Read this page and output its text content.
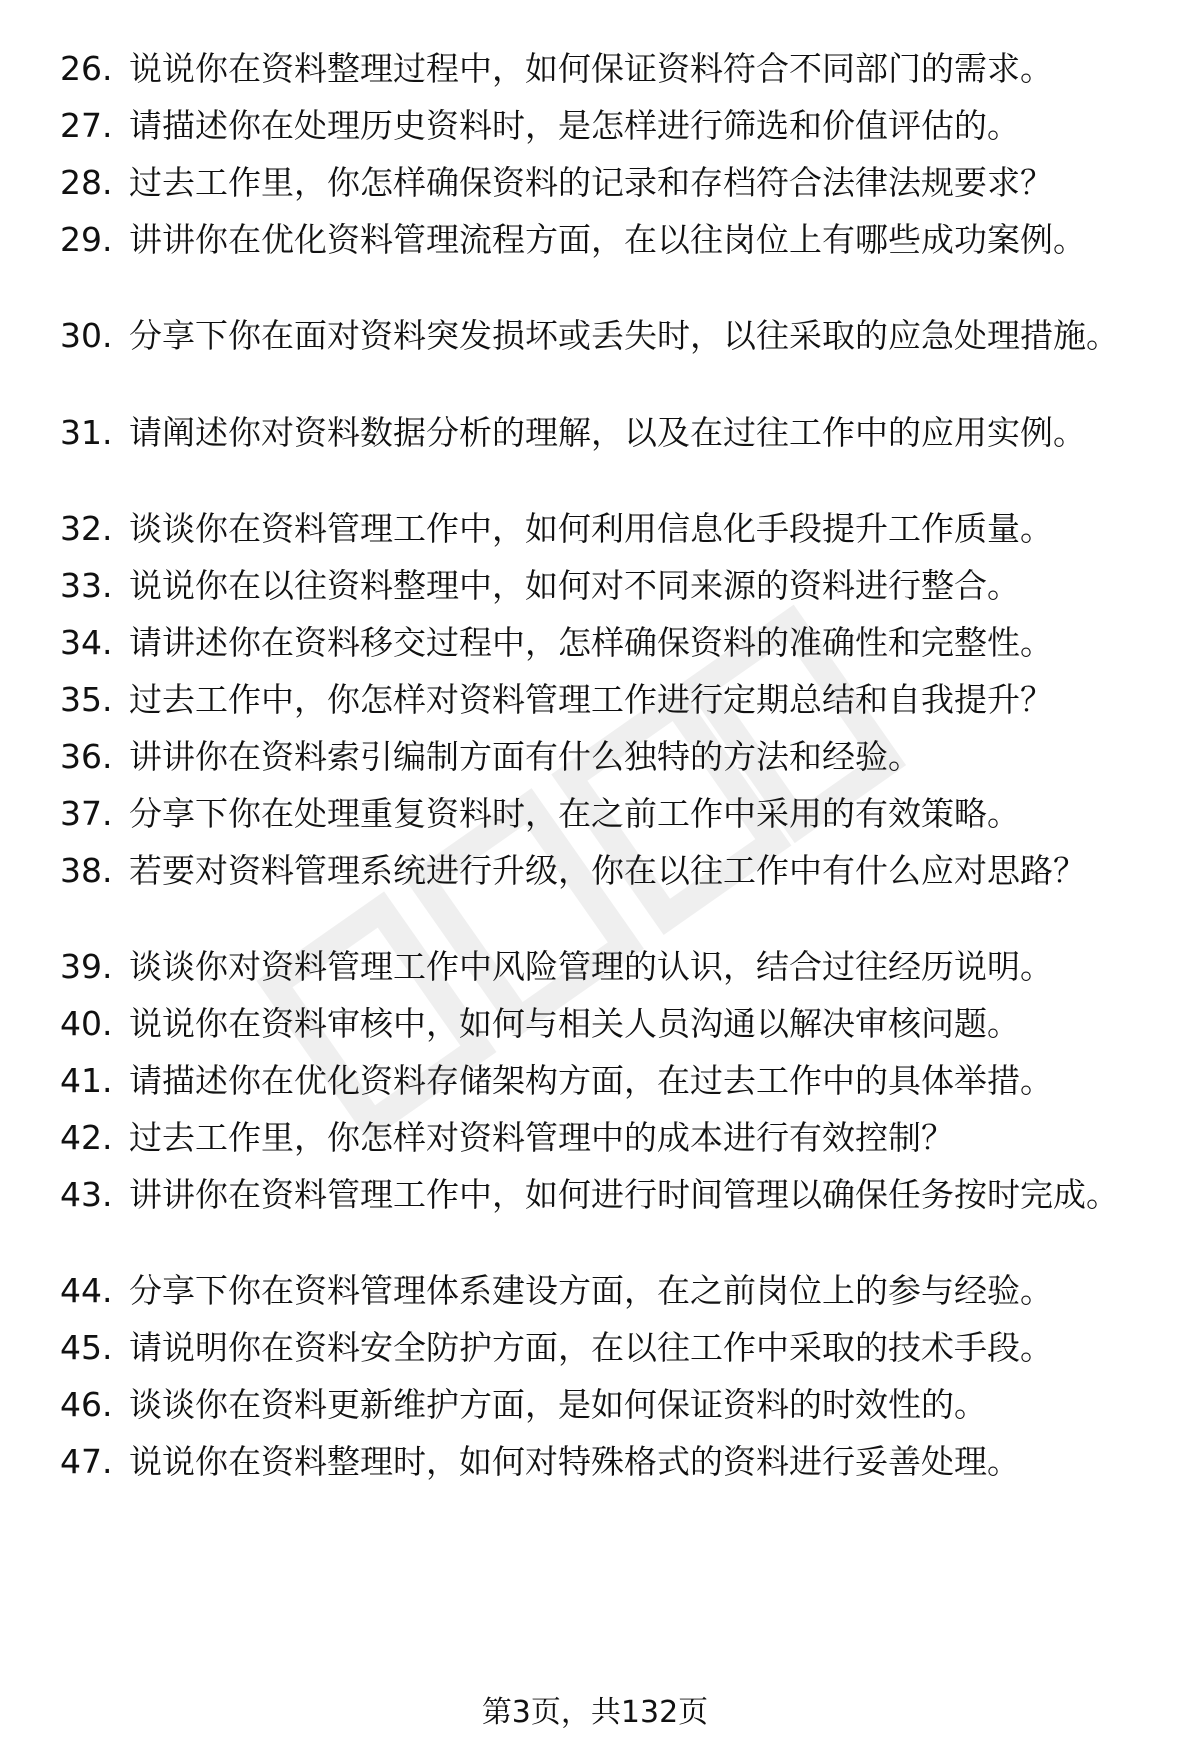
26. 说说你在资料整理过程中，如何保证资料符合不同部门的需求。
27. 请描述你在处理历史资料时，是怎样进行筛选和价值评估的。
28. 过去工作里，你怎样确保资料的记录和存档符合法律法规要求？
29. 讲讲你在优化资料管理流程方面，在以往岗位上有哪些成功案例。
30. 分享下你在面对资料突发损坏或丢失时，以往采取的应急处理措施。
31. 请阐述你对资料数据分析的理解，以及在过往工作中的应用实例。
32. 谈谈你在资料管理工作中，如何利用信息化手段提升工作质量。
33. 说说你在以往资料整理中，如何对不同来源的资料进行整合。
34. 请讲述你在资料移交过程中，怎样确保资料的准确性和完整性。
35. 过去工作中，你怎样对资料管理工作进行定期总结和自我提升？
36. 讲讲你在资料索引编制方面有什么独特的方法和经验。
37. 分享下你在处理重复资料时，在之前工作中采用的有效策略。
38. 若要对资料管理系统进行升级，你在以往工作中有什么应对思路？
39. 谈谈你对资料管理工作中风险管理的认识，结合过往经历说明。
40. 说说你在资料审核中，如何与相关人员沟通以解决审核问题。
41. 请描述你在优化资料存储架构方面，在过去工作中的具体举措。
42. 过去工作里，你怎样对资料管理中的成本进行有效控制？
43. 讲讲你在资料管理工作中，如何进行时间管理以确保任务按时完成。
44. 分享下你在资料管理体系建设方面，在之前岗位上的参与经验。
45. 请说明你在资料安全防护方面，在以往工作中采取的技术手段。
46. 谈谈你在资料更新维护方面，是如何保证资料的时效性的。
47. 说说你在资料整理时，如何对特殊格式的资料进行妥善处理。
第3页，共132页
